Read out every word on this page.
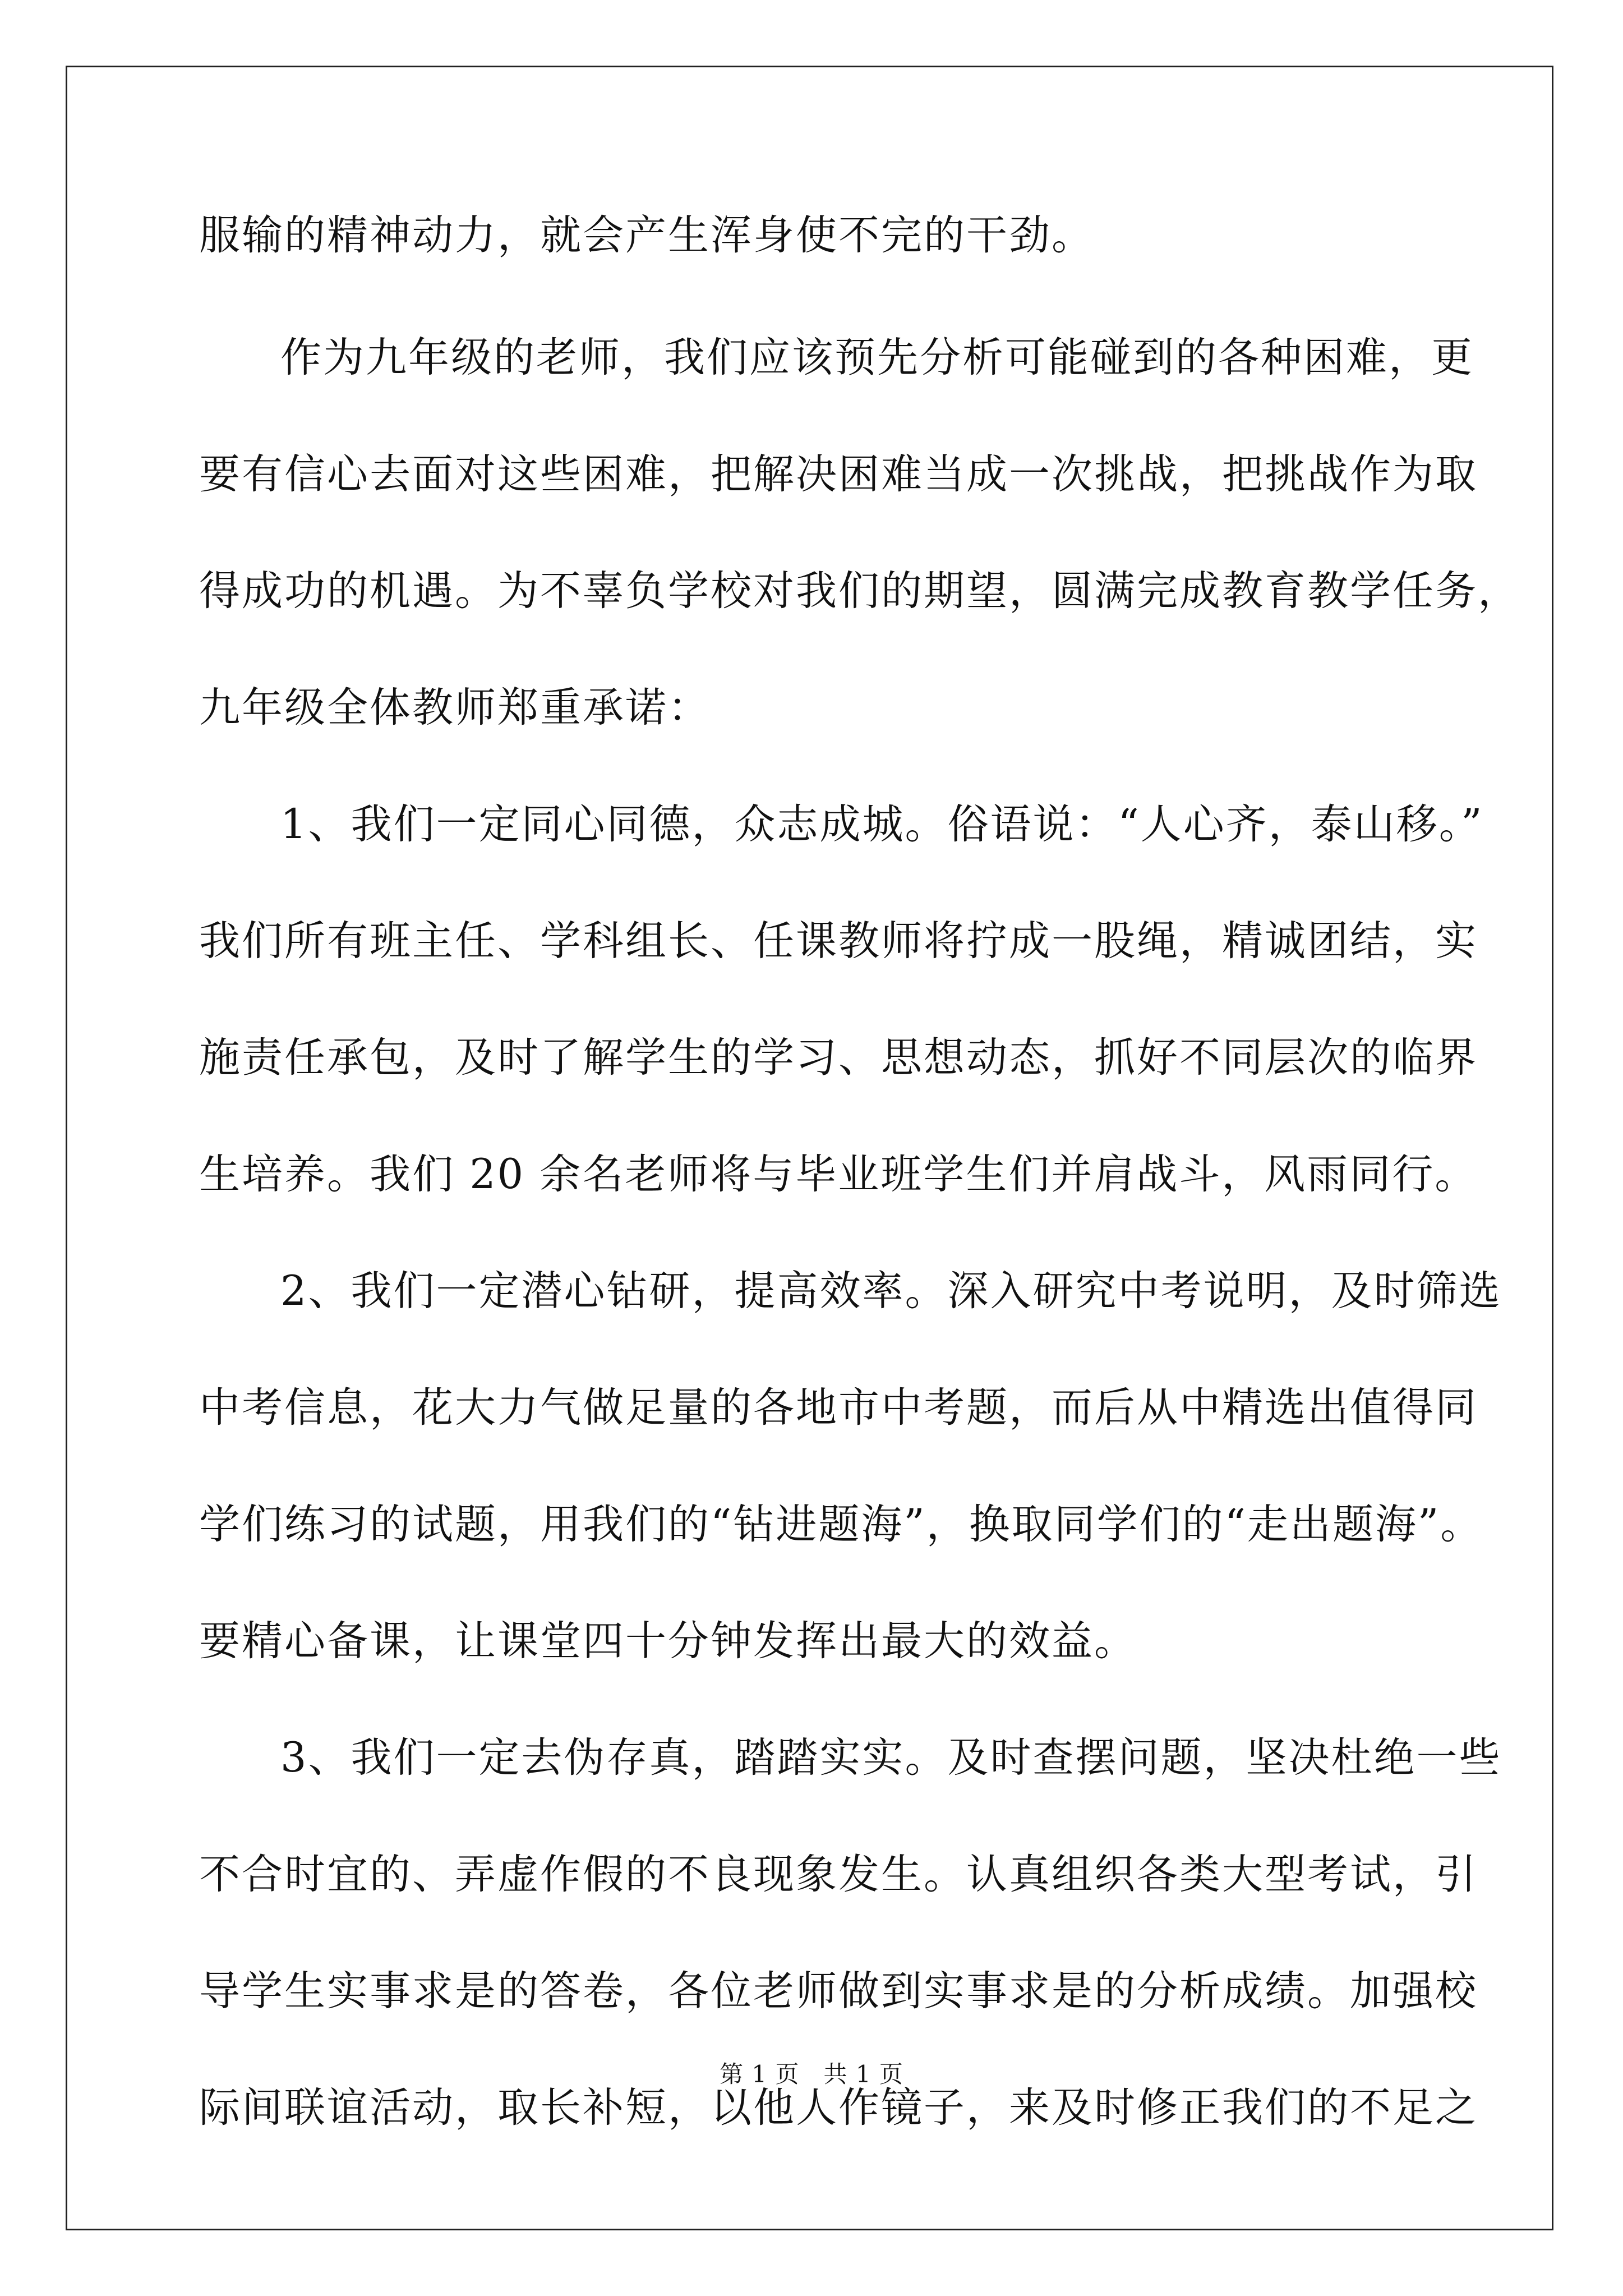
服输的精神动力，就会产生浑身使不完的干劲。
作为九年级的老师，我们应该预先分析可能碰到的各种困难，更
要有信心去面对这些困难，把解决困难当成一次挑战，把挑战作为取
得成功的机遇。为不辜负学校对我们的期望，圆满完成教育教学任务，
九年级全体教师郑重承诺：
1、我们一定同心同德，众志成城。俗语说：“人心齐，泰山移。”
我们所有班主任、学科组长、任课教师将拧成一股绳，精诚团结，实
施责任承包，及时了解学生的学习、思想动态，抓好不同层次的临界
生培养。我们 20 余名老师将与毕业班学生们并肩战斗，风雨同行。
2、我们一定潜心钻研，提高效率。深入研究中考说明，及时筛选
中考信息，花大力气做足量的各地市中考题，而后从中精选出值得同
学们练习的试题，用我们的“钻进题海”，换取同学们的“走出题海”。
要精心备课，让课堂四十分钟发挥出最大的效益。
3、我们一定去伪存真，踏踏实实。及时查摆问题，坚决杜绝一些
不合时宜的、弄虚作假的不良现象发生。认真组织各类大型考试，引
导学生实事求是的答卷，各位老师做到实事求是的分析成绩。加强校
际间联谊活动，取长补短，以他人作镜子，来及时修正我们的不足之
第 1 页　共 1 页
